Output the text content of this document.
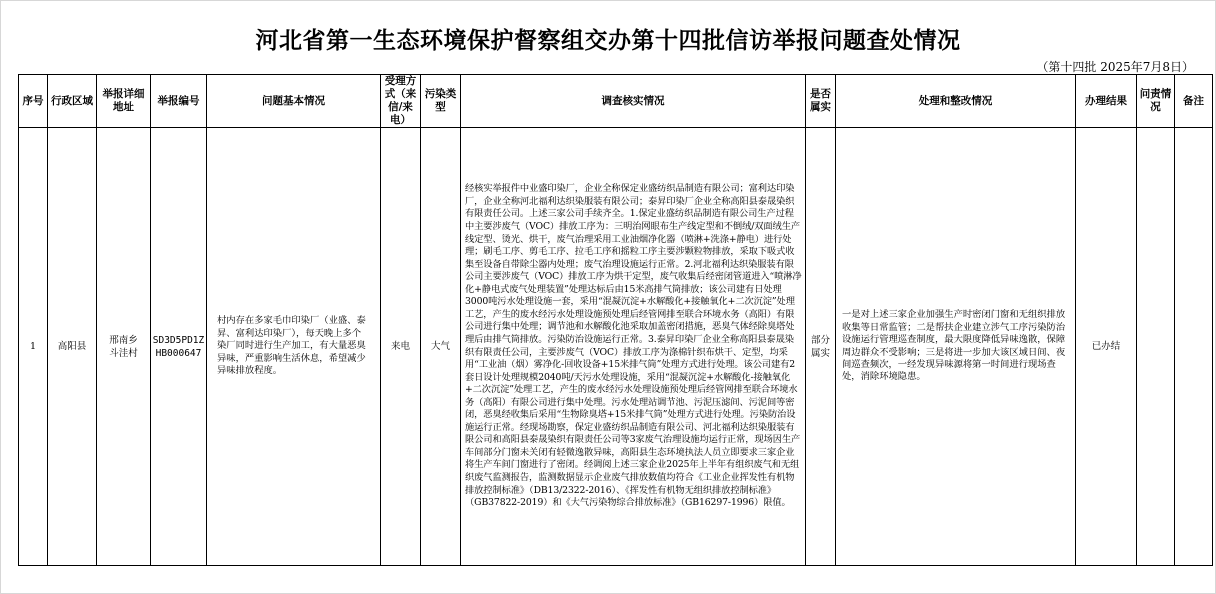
河北省第一生态环境保护督察组交办第十四批信访举报问题查处情况
（第十四批 2025年7月8日）
序号	行政区域	举报详细地址	举报编号	问题基本情况	受理方式（来信/来电）	污染类型	调查核实情况	是否属实	处理和整改情况	办理结果	问责情况	备注

1	高阳县	邢南乡斗洼村	SD3D5PD1ZHB000647	村内存在多家毛巾印染厂（业盛、泰昇、富利达印染厂），每天晚上多个染厂同时进行生产加工，有大量恶臭异味，严重影响生活休息，希望减少异味排放程度。	来电	大气	经核实举报件中业盛印染厂，企业全称保定业盛纺织品制造有限公司；富利达印染厂，企业全称河北福利达织染服装有限公司；泰昇印染厂企业全称高阳县泰晟染织有限责任公司。上述三家公司手续齐全。1.保定业盛纺织品制造有限公司生产过程中主要涉废气（VOC）排放工序为：三明治网眼布生产线定型和不倒绒/双面绒生产线定型、烫光、烘干，废气治理采用工业油烟净化器（喷淋+洗涤+静电）进行处理；刷毛工序、剪毛工序、拉毛工序和摇粒工序主要涉颗粒物排放，采取下吸式收集至设备自带除尘器内处理；废气治理设施运行正常。2.河北福利达织染服装有限公司主要涉废气（VOC）排放工序为烘干定型，废气收集后经密闭管道进入“喷淋净化+静电式废气处理装置”处理达标后由15米高排气筒排放；该公司建有日处理3000吨污水处理设施一套，采用“混凝沉淀+水解酸化+接触氧化+二次沉淀”处理工艺，产生的废水经污水处理设施预处理后经管网排至联合环境水务（高阳）有限公司进行集中处理；调节池和水解酸化池采取加盖密闭措施，恶臭气体经除臭塔处理后由排气筒排放。污染防治设施运行正常。3.泰昇印染厂企业全称高阳县泰晟染织有限责任公司，主要涉废气（VOC）排放工序为涤棉针织布烘干、定型，均采用“工业油（烟）雾净化-回收设备+15米排气筒”处理方式进行处理。该公司建有2套日设计处理规模2040吨/天污水处理设施，采用“混凝沉淀+水解酸化-接触氧化+二次沉淀”处理工艺，产生的废水经污水处理设施预处理后经管网排至联合环境水务（高阳）有限公司进行集中处理。污水处理站调节池、污泥压滤间、污泥间等密闭，恶臭经收集后采用“生物除臭塔+15米排气筒”处理方式进行处理。污染防治设施运行正常。经现场勘察，保定业盛纺织品制造有限公司、河北福利达织染服装有限公司和高阳县泰晟染织有限责任公司等3家废气治理设施均运行正常，现场因生产车间部分门窗未关闭有轻微逸散异味，高阳县生态环境执法人员立即要求三家企业将生产车间门窗进行了密闭。经调阅上述三家企业2025年上半年有组织废气和无组织废气监测报告，监测数据显示企业废气排放数值均符合《工业企业挥发性有机物排放控制标准》（DB13/2322-2016）、《挥发性有机物无组织排放控制标准》（GB37822-2019）和《大气污染物综合排放标准》（GB16297-1996）限值。	部分属实	一是对上述三家企业加强生产时密闭门窗和无组织排放收集等日常监管；二是帮扶企业建立涉气工序污染防治设施运行管理巡查制度，最大限度降低异味逸散，保障周边群众不受影响；三是将进一步加大该区域日间、夜间巡查频次，一经发现异味源将第一时间进行现场查处，消除环境隐患。	已办结		
